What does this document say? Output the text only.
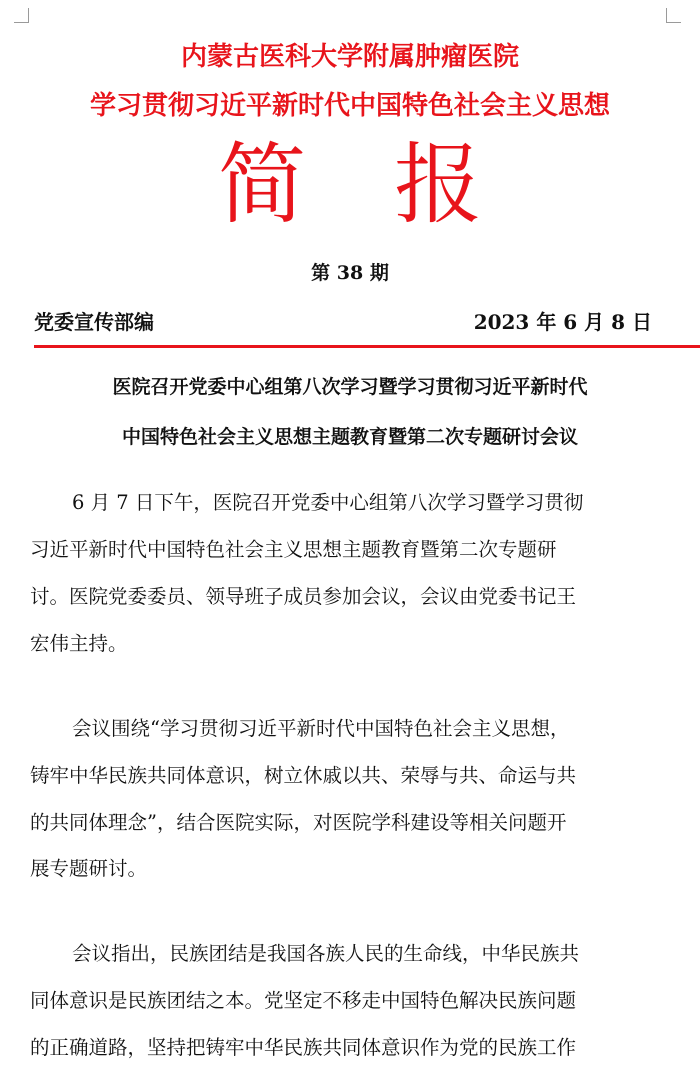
内蒙古医科大学附属肿瘤医院
学习贯彻习近平新时代中国特色社会主义思想
简报
第 38 期
党委宣传部编	2023 年 6 月 8 日
医院召开党委中心组第八次学习暨学习贯彻习近平新时代
中国特色社会主义思想主题教育暨第二次专题研讨会议
6 月 7 日下午，医院召开党委中心组第八次学习暨学习贯彻
习近平新时代中国特色社会主义思想主题教育暨第二次专题研
讨。医院党委委员、领导班子成员参加会议，会议由党委书记王
宏伟主持。
会议围绕“学习贯彻习近平新时代中国特色社会主义思想，
铸牢中华民族共同体意识，树立休戚以共、荣辱与共、命运与共
的共同体理念”，结合医院实际，对医院学科建设等相关问题开
展专题研讨。
会议指出，民族团结是我国各族人民的生命线，中华民族共
同体意识是民族团结之本。党坚定不移走中国特色解决民族问题
的正确道路，坚持把铸牢中华民族共同体意识作为党的民族工作
